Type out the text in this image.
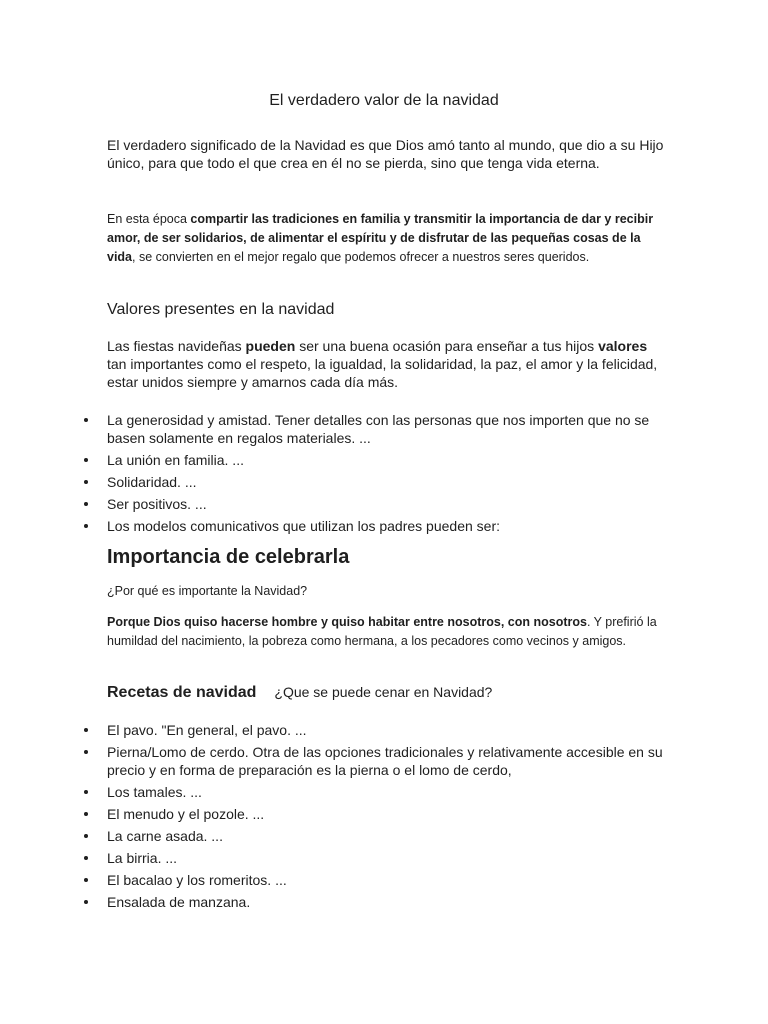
El verdadero valor de la navidad
El verdadero significado de la Navidad es que Dios amó tanto al mundo, que dio a su Hijo único, para que todo el que crea en él no se pierda, sino que tenga vida eterna.
En esta época compartir las tradiciones en familia y transmitir la importancia de dar y recibir amor, de ser solidarios, de alimentar el espíritu y de disfrutar de las pequeñas cosas de la vida, se convierten en el mejor regalo que podemos ofrecer a nuestros seres queridos.
Valores presentes en la navidad
Las fiestas navideñas pueden ser una buena ocasión para enseñar a tus hijos valores tan importantes como el respeto, la igualdad, la solidaridad, la paz, el amor y la felicidad, estar unidos siempre y amarnos cada día más.
La generosidad y amistad. Tener detalles con las personas que nos importen que no se basen solamente en regalos materiales. ...
La unión en familia. ...
Solidaridad. ...
Ser positivos. ...
Los modelos comunicativos que utilizan los padres pueden ser:
Importancia de celebrarla
¿Por qué es importante la Navidad?
Porque Dios quiso hacerse hombre y quiso habitar entre nosotros, con nosotros. Y prefirió la humildad del nacimiento, la pobreza como hermana, a los pecadores como vecinos y amigos.
Recetas de navidad ¿Que se puede cenar en Navidad?
El pavo. "En general, el pavo. ...
Pierna/Lomo de cerdo. Otra de las opciones tradicionales y relativamente accesible en su precio y en forma de preparación es la pierna o el lomo de cerdo,
Los tamales. ...
El menudo y el pozole. ...
La carne asada. ...
La birria. ...
El bacalao y los romeritos. ...
Ensalada de manzana.
